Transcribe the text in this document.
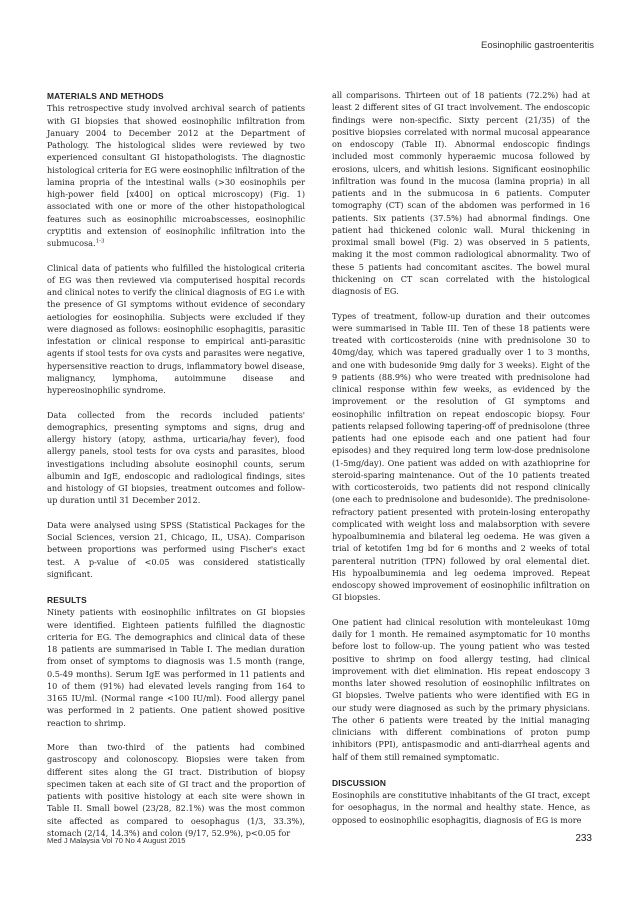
Eosinophilic gastroenteritis
MATERIALS AND METHODS

This retrospective study involved archival search of patients with GI biopsies that showed eosinophilic infiltration from January 2004 to December 2012 at the Department of Pathology. The histological slides were reviewed by two experienced consultant GI histopathologists. The diagnostic histological criteria for EG were eosinophilic infiltration of the lamina propria of the intestinal walls (>30 eosinophils per high-power field [x400] on optical microscopy) (Fig. 1) associated with one or more of the other histopathological features such as eosinophilic microabscesses, eosinophilic cryptitis and extension of eosinophilic infiltration into the submucosa.$^{1-3}$

Clinical data of patients who fulfilled the histological criteria of EG was then reviewed via computerised hospital records and clinical notes to verify the clinical diagnosis of EG i.e with the presence of GI symptoms without evidence of secondary aetiologies for eosinophilia. Subjects were excluded if they were diagnosed as follows: eosinophilic esophagitis, parasitic infestation or clinical response to empirical anti-parasitic agents if stool tests for ova cysts and parasites were negative, hypersensitive reaction to drugs, inflammatory bowel disease, malignancy, lymphoma, autoimmune disease and hypereosinophilic syndrome.

Data collected from the records included patients' demographics, presenting symptoms and signs, drug and allergy history (atopy, asthma, urticaria/hay fever), food allergy panels, stool tests for ova cysts and parasites, blood investigations including absolute eosinophil counts, serum albumin and IgE, endoscopic and radiological findings, sites and histology of GI biopsies, treatment outcomes and follow-up duration until 31 December 2012.

Data were analysed using SPSS (Statistical Packages for the Social Sciences, version 21, Chicago, IL, USA). Comparison between proportions was performed using Fischer's exact test. A p-value of <0.05 was considered statistically significant.

RESULTS

Ninety patients with eosinophilic infiltrates on GI biopsies were identified. Eighteen patients fulfilled the diagnostic criteria for EG. The demographics and clinical data of these 18 patients are summarised in Table I. The median duration from onset of symptoms to diagnosis was 1.5 month (range, 0.5-49 months). Serum IgE was performed in 11 patients and 10 of them (91%) had elevated levels ranging from 164 to 3165 IU/ml. (Normal range <100 IU/ml). Food allergy panel was performed in 2 patients. One patient showed positive reaction to shrimp.

More than two-third of the patients had combined gastroscopy and colonoscopy. Biopsies were taken from different sites along the GI tract. Distribution of biopsy specimen taken at each site of GI tract and the proportion of patients with positive histology at each site were shown in Table II. Small bowel (23/28, 82.1%) was the most common site affected as compared to oesophagus (1/3, 33.3%), stomach (2/14, 14.3%) and colon (9/17, 52.9%), p<0.05 for

all comparisons. Thirteen out of 18 patients (72.2%) had at least 2 different sites of GI tract involvement. The endoscopic findings were non-specific. Sixty percent (21/35) of the positive biopsies correlated with normal mucosal appearance on endoscopy (Table II). Abnormal endoscopic findings included most commonly hyperaemic mucosa followed by erosions, ulcers, and whitish lesions. Significant eosinophilic infiltration was found in the mucosa (lamina propria) in all patients and in the submucosa in 6 patients. Computer tomography (CT) scan of the abdomen was performed in 16 patients. Six patients (37.5%) had abnormal findings. One patient had thickened colonic wall. Mural thickening in proximal small bowel (Fig. 2) was observed in 5 patients, making it the most common radiological abnormality. Two of these 5 patients had concomitant ascites. The bowel mural thickening on CT scan correlated with the histological diagnosis of EG.

Types of treatment, follow-up duration and their outcomes were summarised in Table III. Ten of these 18 patients were treated with corticosteroids (nine with prednisolone 30 to 40mg/day, which was tapered gradually over 1 to 3 months, and one with budesonide 9mg daily for 3 weeks). Eight of the 9 patients (88.9%) who were treated with prednisolone had clinical response within few weeks, as evidenced by the improvement or the resolution of GI symptoms and eosinophilic infiltration on repeat endoscopic biopsy. Four patients relapsed following tapering-off of prednisolone (three patients had one episode each and one patient had four episodes) and they required long term low-dose prednisolone (1-5mg/day). One patient was added on with azathioprine for steroid-sparing maintenance. Out of the 10 patients treated with corticosteroids, two patients did not respond clinically (one each to prednisolone and budesonide). The prednisolone-refractory patient presented with protein-losing enteropathy complicated with weight loss and malabsorption with severe hypoalbuminemia and bilateral leg oedema. He was given a trial of ketotifen 1mg bd for 6 months and 2 weeks of total parenteral nutrition (TPN) followed by oral elemental diet. His hypoalbuminemia and leg oedema improved. Repeat endoscopy showed improvement of eosinophilic infiltration on GI biopsies.

One patient had clinical resolution with monteleukast 10mg daily for 1 month. He remained asymptomatic for 10 months before lost to follow-up. The young patient who was tested positive to shrimp on food allergy testing, had clinical improvement with diet elimination. His repeat endoscopy 3 months later showed resolution of eosinophilic infiltrates on GI biopsies. Twelve patients who were identified with EG in our study were diagnosed as such by the primary physicians. The other 6 patients were treated by the initial managing clinicians with different combinations of proton pump inhibitors (PPI), antispasmodic and anti-diarrheal agents and half of them still remained symptomatic.

DISCUSSION

Eosinophils are constitutive inhabitants of the GI tract, except for oesophagus, in the normal and healthy state. Hence, as opposed to eosinophilic esophagitis, diagnosis of EG is more

Med J Malaysia Vol 70 No 4 August 2015	233
